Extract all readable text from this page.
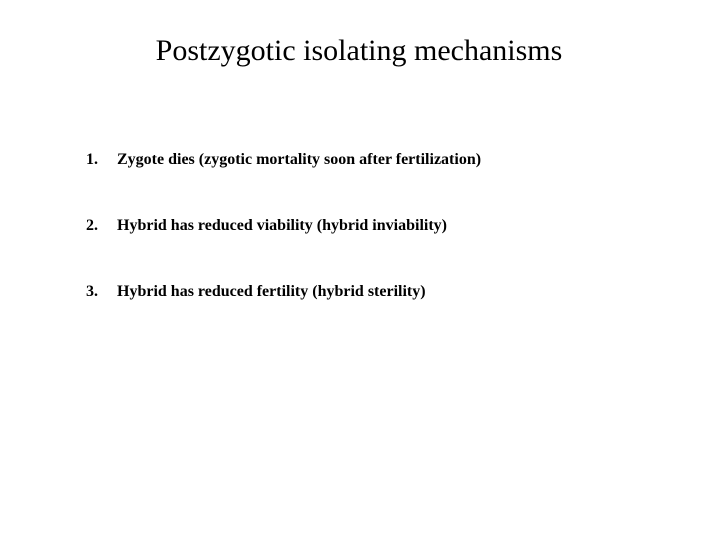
Postzygotic isolating mechanisms
1.	Zygote dies (zygotic mortality soon after fertilization)
2.	Hybrid has reduced viability (hybrid inviability)
3.	Hybrid has reduced fertility (hybrid sterility)
